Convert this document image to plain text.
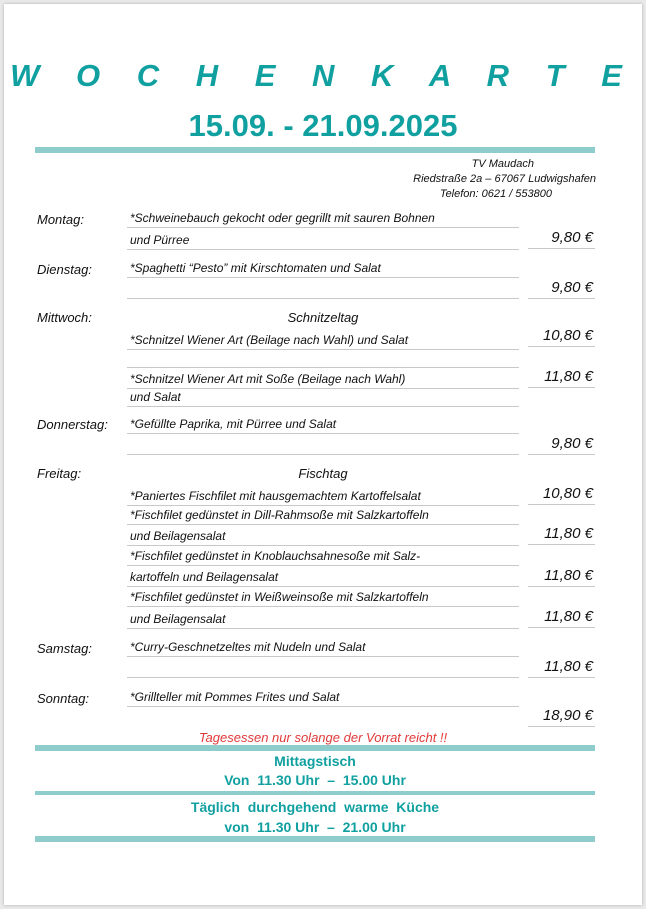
W O C H E N K A R T E
15.09. - 21.09.2025
TV Maudach
Riedstraße 2a – 67067 Ludwigshafen
Telefon: 0621 / 553800
Montag:	*Schweinebauch gekocht oder gegrillt mit sauren Bohnen
und Pürree	9,80 €
Dienstag:	*Spaghetti “Pesto” mit Kirschtomaten und Salat
9,80 €
Mittwoch:	Schnitzeltag
*Schnitzel Wiener Art (Beilage nach Wahl) und Salat	10,80 €
*Schnitzel Wiener Art mit Soße (Beilage nach Wahl)
und Salat
11,80 €
Donnerstag: *Gefüllte Paprika, mit Pürree und Salat
9,80 €
Freitag:	Fischtag
*Paniertes Fischfilet mit hausgemachtem Kartoffelsalat	10,80 €
*Fischfilet gedünstet in Dill-Rahmsoße mit Salzkartoffeln
und Beilagensalat	11,80 €
*Fischfilet gedünstet in Knoblauchsahnesoße mit Salz-
kartoffeln und Beilagensalat	11,80 €
*Fischfilet gedünstet in Weißweinsoße mit Salzkartoffeln
und Beilagensalat	11,80 €
Samstag:	*Curry-Geschnetzeltes mit Nudeln und Salat
11,80 €
Sonntag:	*Grillteller mit Pommes Frites und Salat
18,90 €
Tagesessen nur solange der Vorrat reicht !!
Mittagstisch
Von  11.30 Uhr  –  15.00 Uhr
Täglich  durchgehend  warme  Küche
von  11.30 Uhr  –  21.00 Uhr
